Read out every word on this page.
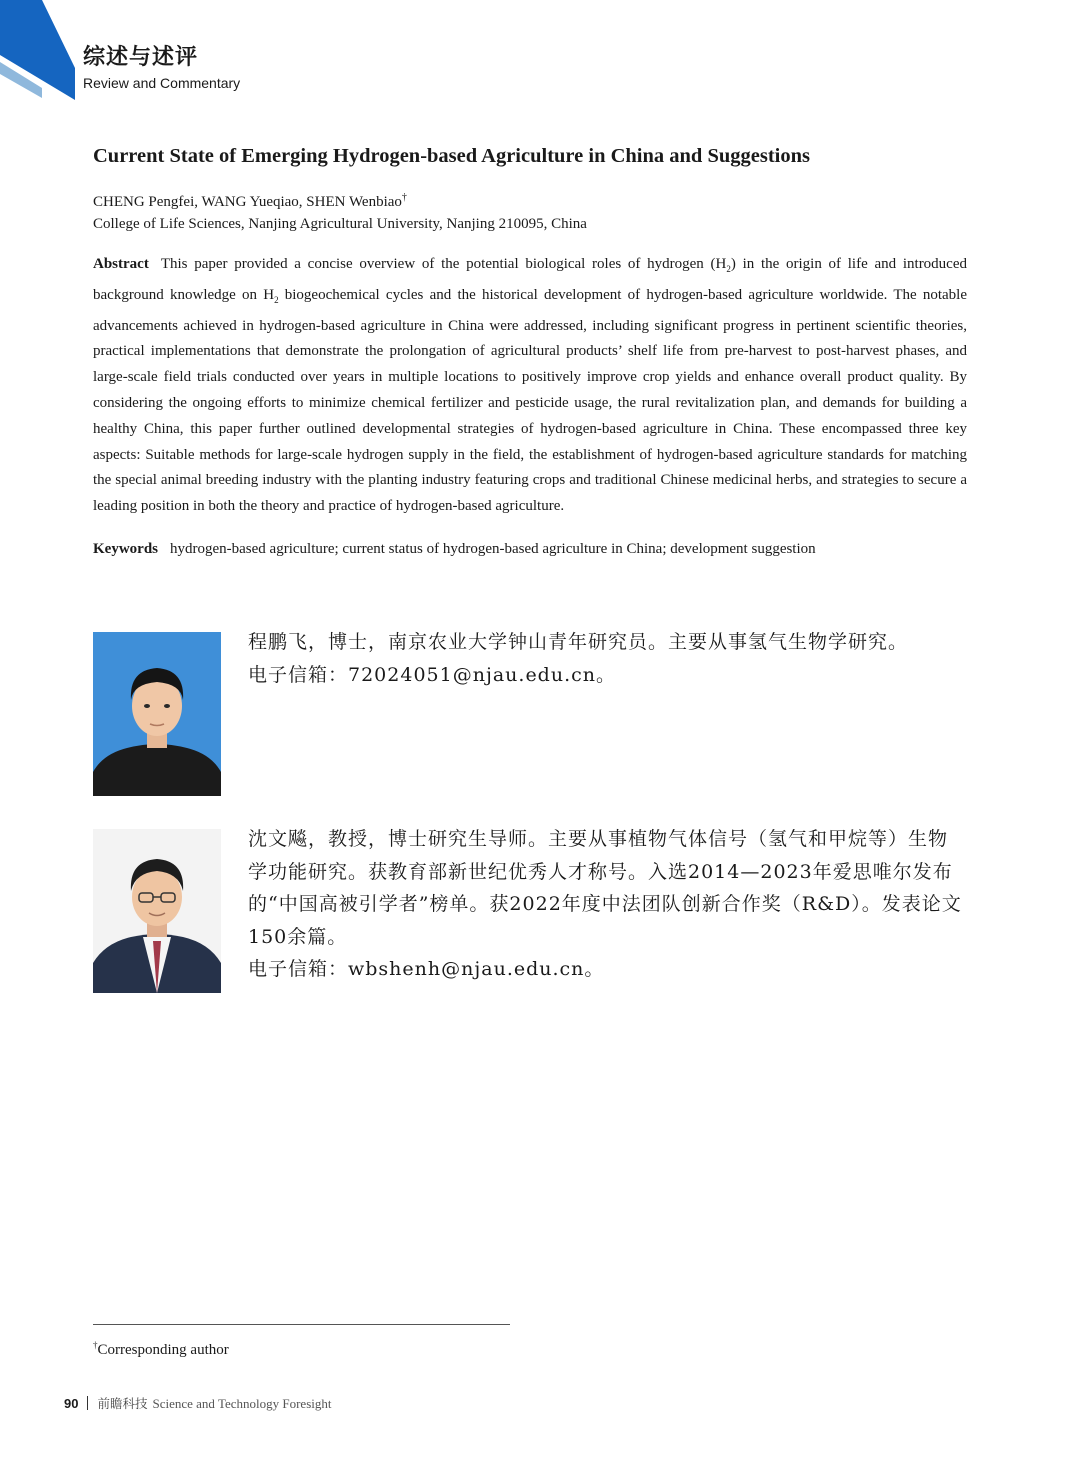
综述与述评
Review and Commentary
Current State of Emerging Hydrogen-based Agriculture in China and Suggestions
CHENG Pengfei, WANG Yueqiao, SHEN Wenbiao†
College of Life Sciences, Nanjing Agricultural University, Nanjing 210095, China

Abstract This paper provided a concise overview of the potential biological roles of hydrogen $(H_2)$ in the origin of life and introduced background knowledge on $H_2$ biogeochemical cycles and the historical development of hydrogen-based agriculture worldwide. The notable advancements achieved in hydrogen-based agriculture in China were addressed, including significant progress in pertinent scientific theories, practical implementations that demonstrate the prolongation of agricultural products’ shelf life from pre-harvest to post-harvest phases, and large-scale field trials conducted over years in multiple locations to positively improve crop yields and enhance overall product quality. By considering the ongoing efforts to minimize chemical fertilizer and pesticide usage, the rural revitalization plan, and demands for building a healthy China, this paper further outlined developmental strategies of hydrogen-based agriculture in China. These encompassed three key aspects: Suitable methods for large-scale hydrogen supply in the field, the establishment of hydrogen-based agriculture standards for matching the special animal breeding industry with the planting industry featuring crops and traditional Chinese medicinal herbs, and strategies to secure a leading position in both the theory and practice of hydrogen-based agriculture.

Keywords hydrogen-based agriculture; current status of hydrogen-based agriculture in China; development suggestion

程鹏飞，博士，南京农业大学钟山青年研究员。主要从事氢气生物学研究。
电子信箱：72024051@njau.edu.cn。

沈文飚，教授，博士研究生导师。主要从事植物气体信号（氢气和甲烷等）生物学功能研究。获教育部新世纪优秀人才称号。入选2014—2023年爱思唯尔发布的“中国高被引学者”榜单。获2022年度中法团队创新合作奖（R&D）。发表论文150余篇。
电子信箱：wbshenh@njau.edu.cn。

†Corresponding author
90 前瞻科技 Science and Technology Foresight
